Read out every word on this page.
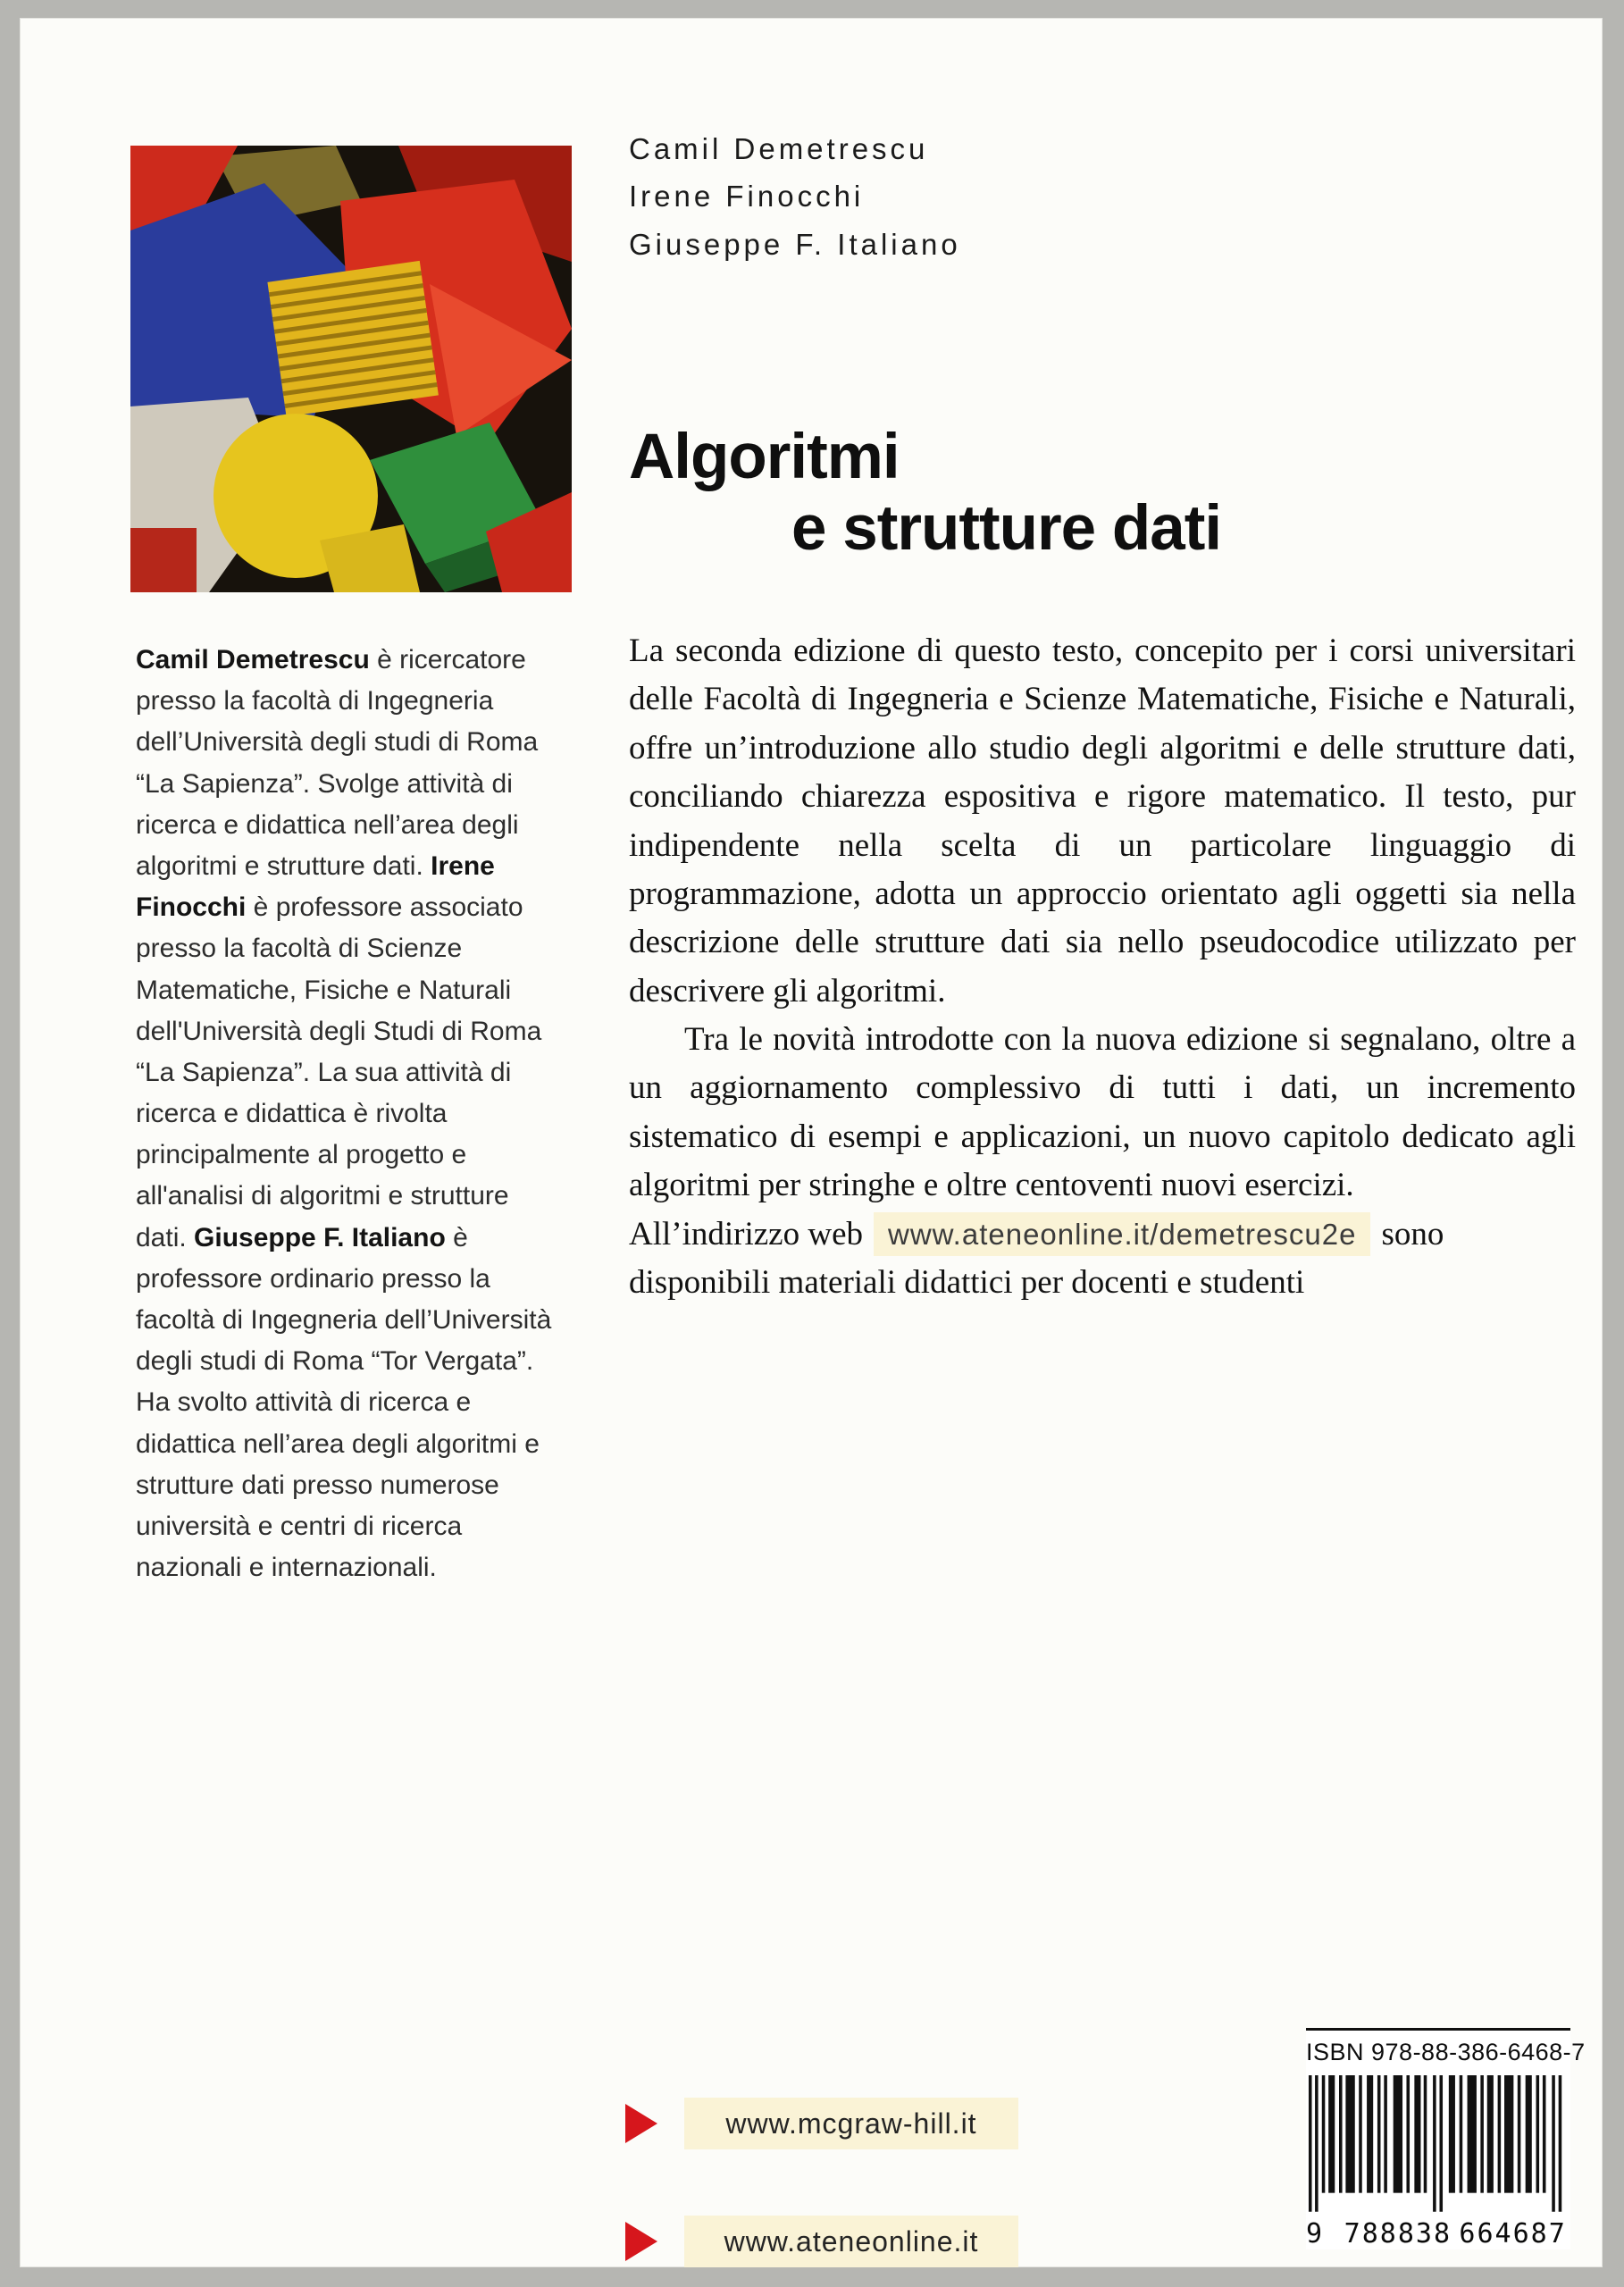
Camil Demetrescu
Irene Finocchi
Giuseppe F. Italiano
Algoritmi
e strutture dati
Camil Demetrescu è ricercatore presso la facoltà di Ingegneria dell’Università degli studi di Roma “La Sapienza”. Svolge attività di ricerca e didattica nell’area degli algoritmi e strutture dati. Irene Finocchi è professore associato presso la facoltà di Scienze Matematiche, Fisiche e Naturali dell'Università degli Studi di Roma “La Sapienza”. La sua attività di ricerca e didattica è rivolta principalmente al progetto e all'analisi di algoritmi e strutture dati. Giuseppe F. Italiano è professore ordinario presso la facoltà di Ingegneria dell’Università degli studi di Roma “Tor Vergata”. Ha svolto attività di ricerca e didattica nell’area degli algoritmi e strutture dati presso numerose università e centri di ricerca nazionali e internazionali.

La seconda edizione di questo testo, concepito per i corsi universitari delle Facoltà di Ingegneria e Scienze Matematiche, Fisiche e Naturali, offre un’introduzione allo studio degli algoritmi e delle strutture dati, conciliando chiarezza espositiva e rigore matematico. Il testo, pur indipendente nella scelta di un particolare linguaggio di programmazione, adotta un approccio orientato agli oggetti sia nella descrizione delle strutture dati sia nello pseudocodice utilizzato per descrivere gli algoritmi.

Tra le novità introdotte con la nuova edizione si segnalano, oltre a un aggiornamento complessivo di tutti i dati, un incremento sistematico di esempi e applicazioni, un nuovo capitolo dedicato agli algoritmi per stringhe e oltre centoventi nuovi esercizi.

All’indirizzo web www.ateneonline.it/demetrescu2e sono disponibili materiali didattici per docenti e studenti

www.mcgraw-hill.it
www.ateneonline.it
ISBN 978-88-386-6468-7
9 788838 664687
